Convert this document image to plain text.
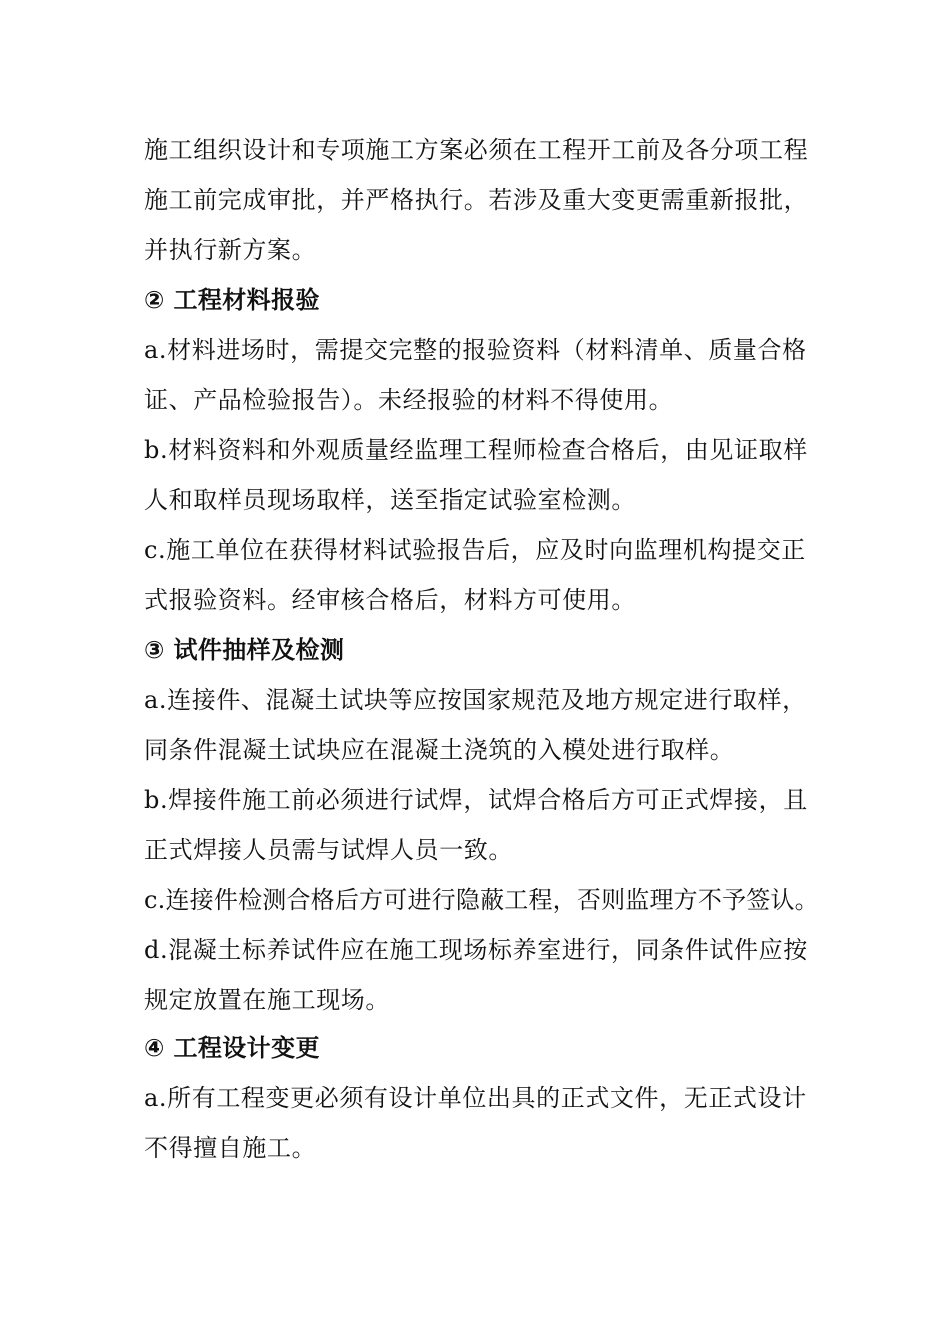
施工组织设计和专项施工方案必须在工程开工前及各分项工程

施工前完成审批，并严格执行。若涉及重大变更需重新报批，

并执行新方案。

② 工程材料报验

a.材料进场时，需提交完整的报验资料（材料清单、质量合格

证、产品检验报告）。未经报验的材料不得使用。

b.材料资料和外观质量经监理工程师检查合格后，由见证取样

人和取样员现场取样，送至指定试验室检测。

c.施工单位在获得材料试验报告后，应及时向监理机构提交正

式报验资料。经审核合格后，材料方可使用。

③ 试件抽样及检测

a.连接件、混凝土试块等应按国家规范及地方规定进行取样，

同条件混凝土试块应在混凝土浇筑的入模处进行取样。

b.焊接件施工前必须进行试焊，试焊合格后方可正式焊接，且

正式焊接人员需与试焊人员一致。

c.连接件检测合格后方可进行隐蔽工程，否则监理方不予签认。

d.混凝土标养试件应在施工现场标养室进行，同条件试件应按

规定放置在施工现场。

④ 工程设计变更

a.所有工程变更必须有设计单位出具的正式文件，无正式设计

不得擅自施工。
